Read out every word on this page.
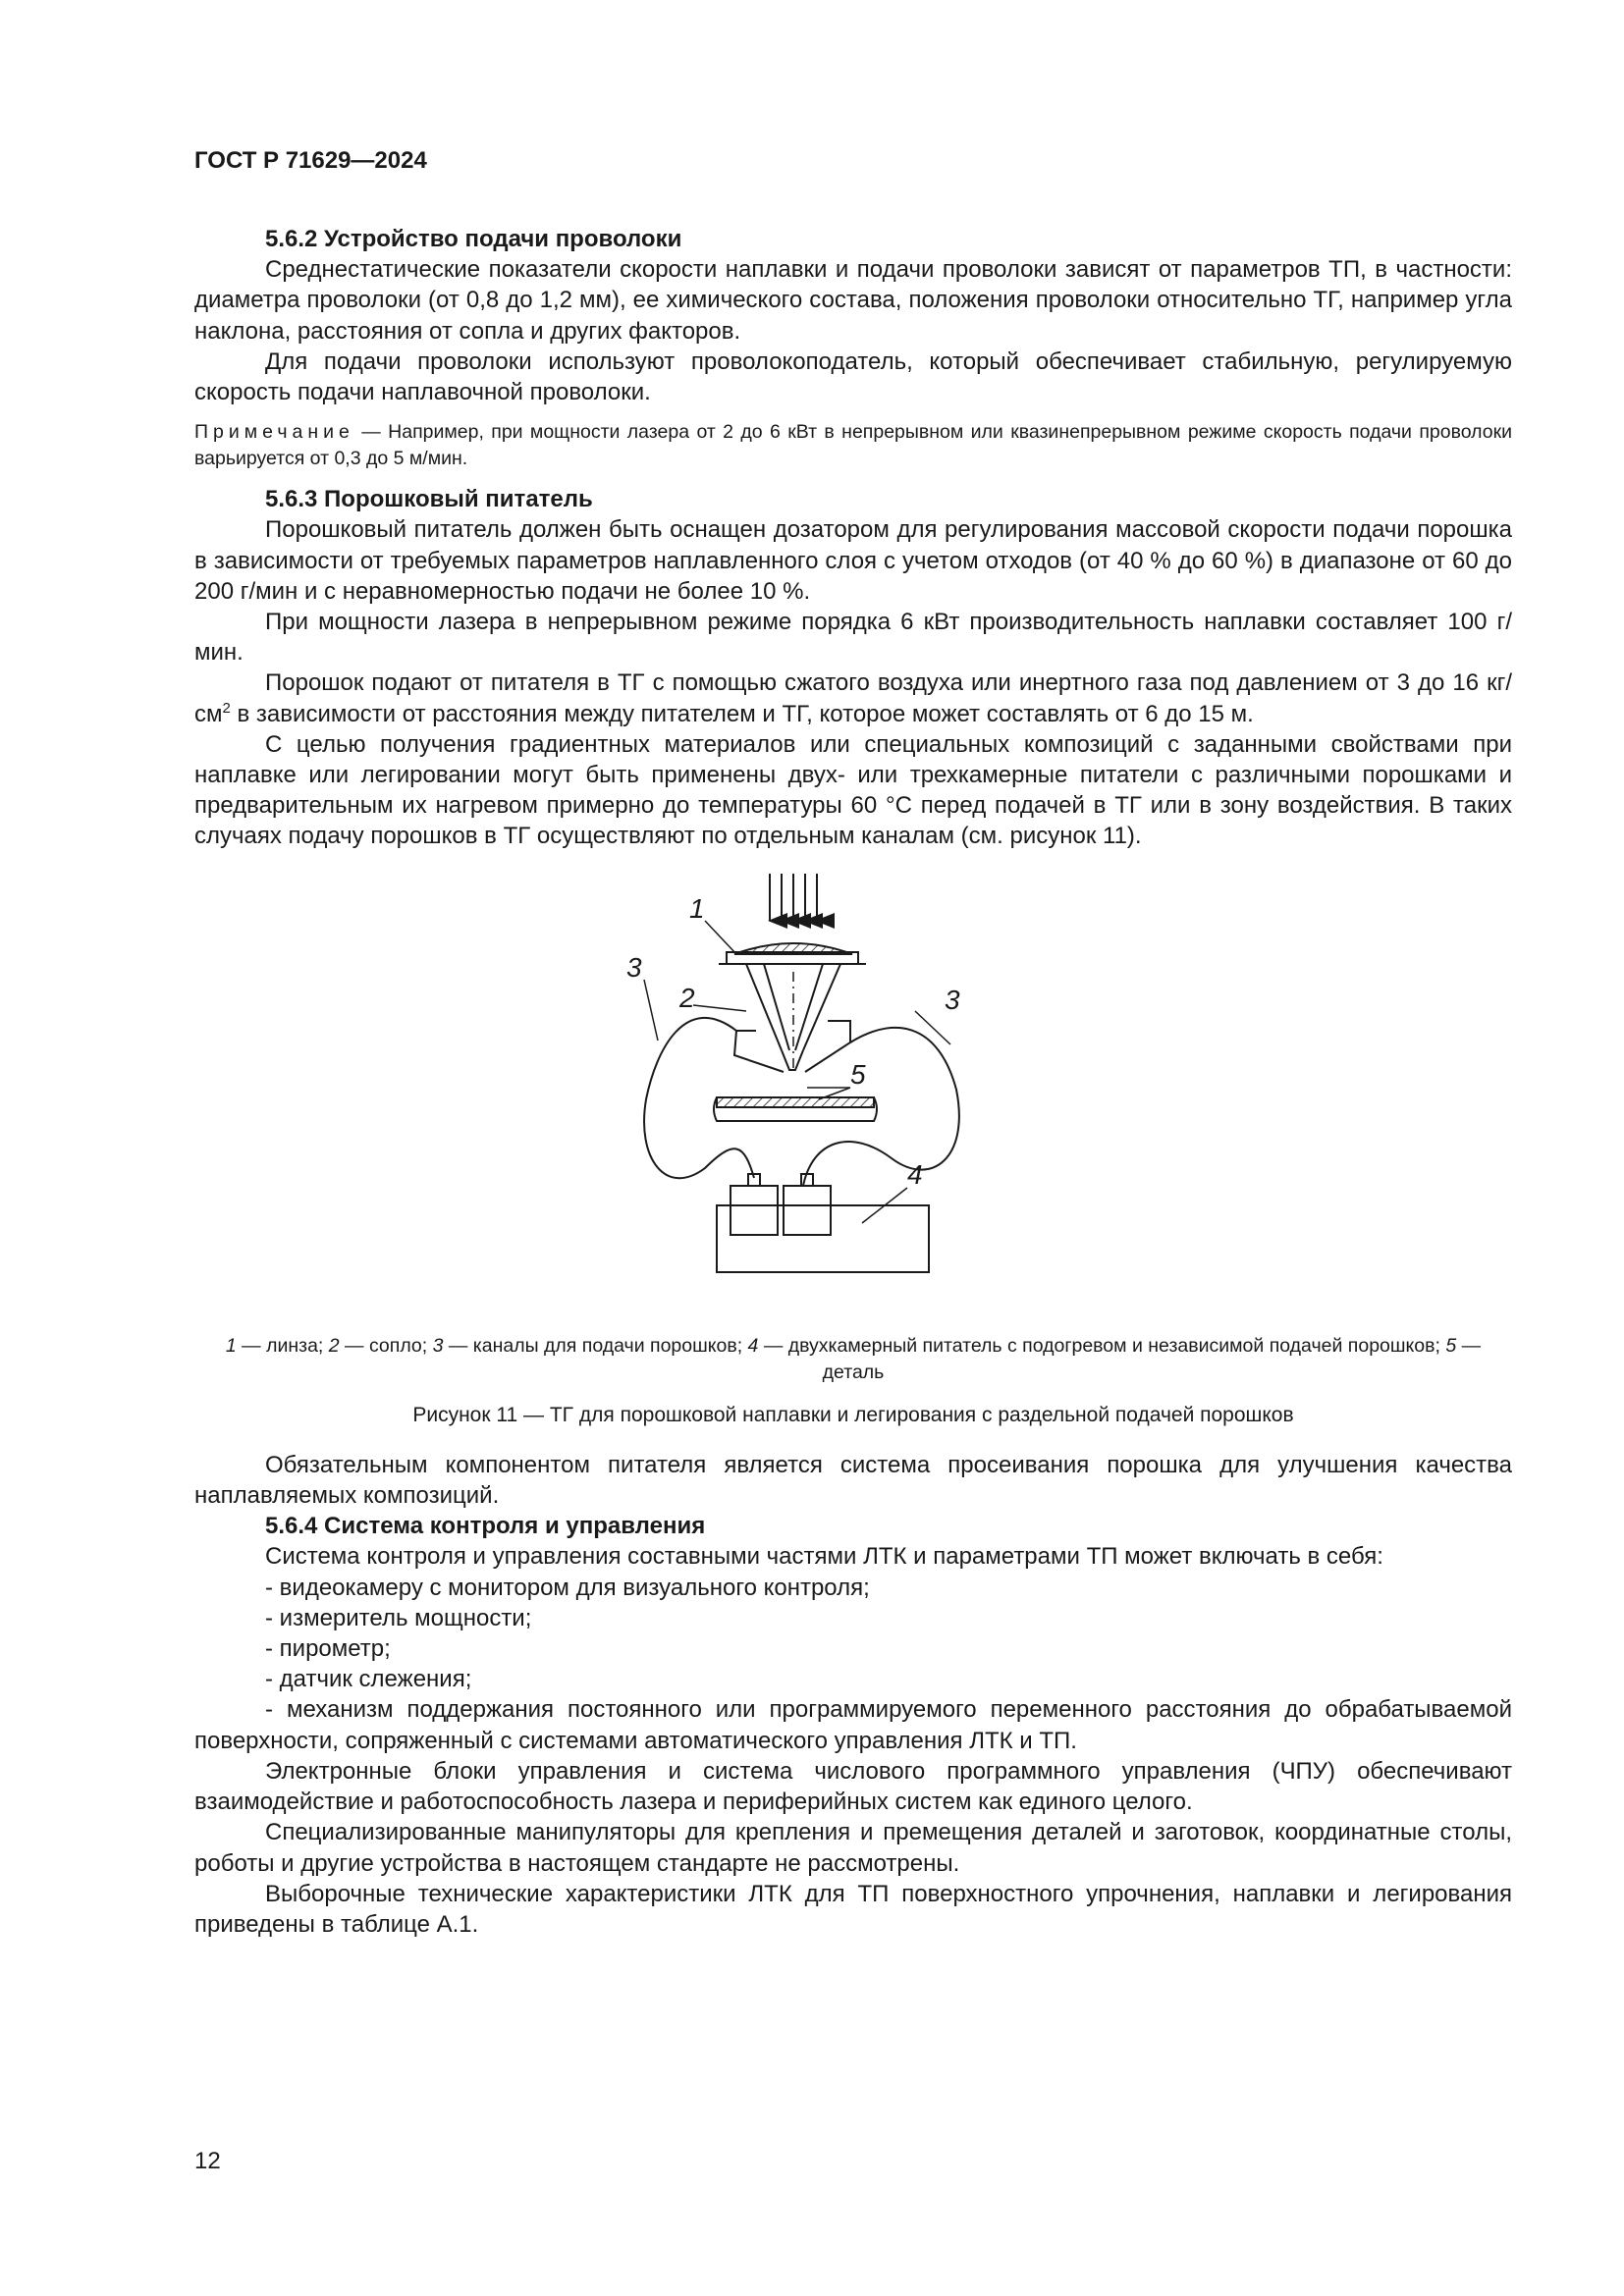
ГОСТ Р 71629—2024
5.6.2 Устройство подачи проволоки

Среднестатические показатели скорости наплавки и подачи проволоки зависят от параметров ТП, в частности: диаметра проволоки (от 0,8 до 1,2 мм), ее химического состава, положения проволоки относительно ТГ, например угла наклона, расстояния от сопла и других факторов.

Для подачи проволоки используют проволокоподатель, который обеспечивает стабильную, регулируемую скорость подачи наплавочной проволоки.

Примечание — Например, при мощности лазера от 2 до 6 кВт в непрерывном или квазинепрерывном режиме скорость подачи проволоки варьируется от 0,3 до 5 м/мин.

5.6.3 Порошковый питатель

Порошковый питатель должен быть оснащен дозатором для регулирования массовой скорости подачи порошка в зависимости от требуемых параметров наплавленного слоя с учетом отходов (от 40 % до 60 %) в диапазоне от 60 до 200 г/мин и с неравномерностью подачи не более 10 %.

При мощности лазера в непрерывном режиме порядка 6 кВт производительность наплавки составляет 100 г/мин.

Порошок подают от питателя в ТГ с помощью сжатого воздуха или инертного газа под давлением от 3 до 16 $кг/см^2$ в зависимости от расстояния между питателем и ТГ, которое может составлять от 6 до 15 м.

С целью получения градиентных материалов или специальных композиций с заданными свойствами при наплавке или легировании могут быть применены двух- или трехкамерные питатели с различными порошками и предварительным их нагревом примерно до температуры 60 °С перед подачей в ТГ или в зону воздействия. В таких случаях подачу порошков в ТГ осуществляют по отдельным каналам (см. рисунок 11).

1
2
3
3
4
5
1 — линза; 2 — сопло; 3 — каналы для подачи порошков; 4 — двухкамерный питатель с подогревом и независимой подачей порошков; 5 — деталь
Рисунок 11 — ТГ для порошковой наплавки и легирования с раздельной подачей порошков

Обязательным компонентом питателя является система просеивания порошка для улучшения качества наплавляемых композиций.

5.6.4 Система контроля и управления

Система контроля и управления составными частями ЛТК и параметрами ТП может включать в себя:

- видеокамеру с монитором для визуального контроля;

- измеритель мощности;

- пирометр;

- датчик слежения;

- механизм поддержания постоянного или программируемого переменного расстояния до обрабатываемой поверхности, сопряженный с системами автоматического управления ЛТК и ТП.

Электронные блоки управления и система числового программного управления (ЧПУ) обеспечивают взаимодействие и работоспособность лазера и периферийных систем как единого целого.

Специализированные манипуляторы для крепления и премещения деталей и заготовок, координатные столы, роботы и другие устройства в настоящем стандарте не рассмотрены.

Выборочные технические характеристики ЛТК для ТП поверхностного упрочнения, наплавки и легирования приведены в таблице А.1.

12
